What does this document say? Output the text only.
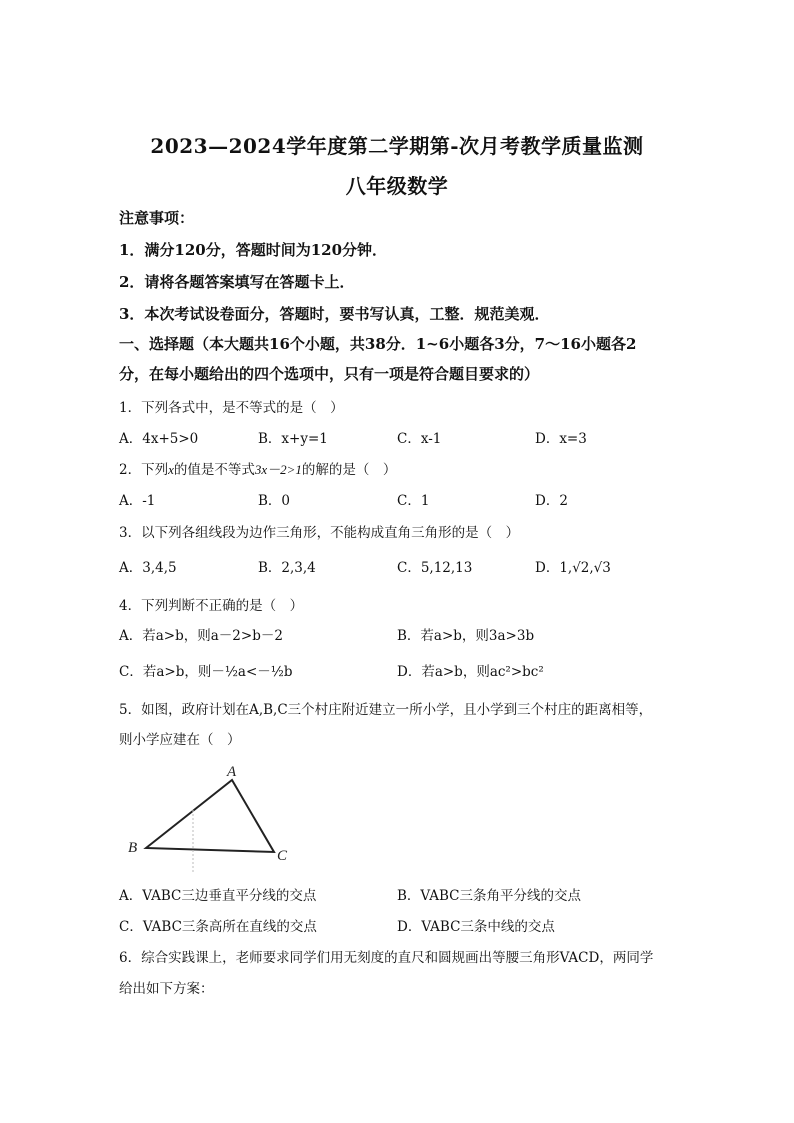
2023—2024学年度第二学期第-次月考教学质量监测
八年级数学
注意事项：
1．满分120分，答题时间为120分钟．
2．请将各题答案填写在答题卡上．
3．本次考试设卷面分，答题时，要书写认真，工整．规范美观．
一、选择题（本大题共16个小题，共38分．1~6小题各3分，7～16小题各2
分，在每小题给出的四个选项中，只有一项是符合题目要求的）
1．下列各式中，是不等式的是（　）
A．4x+5>0	B．x+y=1	C．x-1	D．x=3
2．下列x的值是不等式3x－2>1的解的是（　）
A．-1	B．0	C．1	D．2
3．以下列各组线段为边作三角形，不能构成直角三角形的是（　）
A．3,4,5	B．2,3,4	C．5,12,13	D．1,√2,√3
4．下列判断不正确的是（　）
A．若a>b，则a－2>b－2	B．若a>b，则3a>3b
C．若a>b，则－½a<－½b	D．若a>b，则ac²>bc²
5．如图，政府计划在A,B,C三个村庄附近建立一所小学，且小学到三个村庄的距离相等，
则小学应建在（　）
A
B	C
A．VABC三边垂直平分线的交点	B．VABC三条角平分线的交点
C．VABC三条高所在直线的交点	D．VABC三条中线的交点
6．综合实践课上，老师要求同学们用无刻度的直尺和圆规画出等腰三角形VACD，两同学
给出如下方案：
